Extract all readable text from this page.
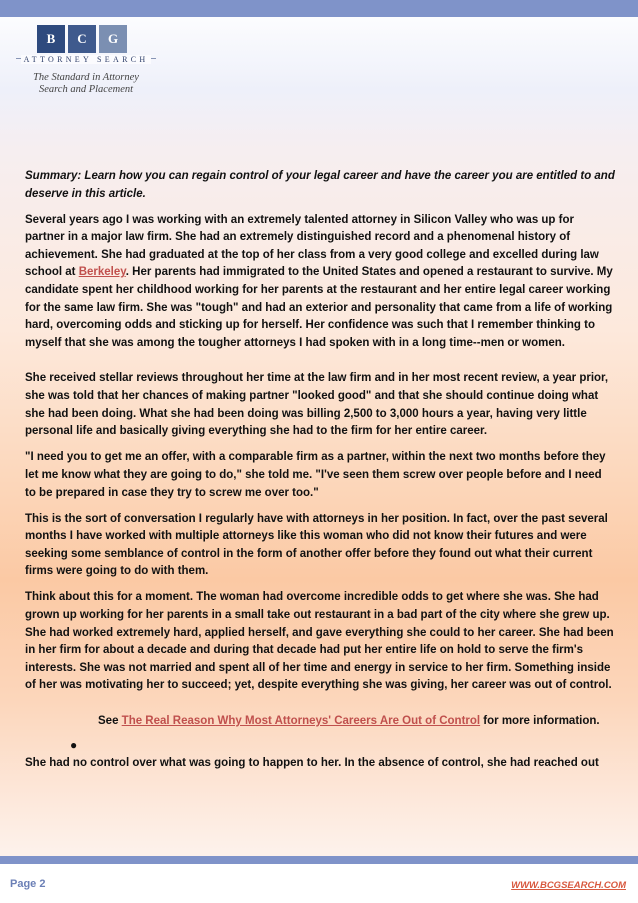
B	C	G
ATTORNEY SEARCH
The Standard in Attorney
Search and Placement

Summary: Learn how you can regain control of your legal career and have the career you are entitled to and deserve in this article.

Several years ago I was working with an extremely talented attorney in Silicon Valley who was up for partner in a major law firm. She had an extremely distinguished record and a phenomenal history of achievement. She had graduated at the top of her class from a very good college and excelled during law school at Berkeley. Her parents had immigrated to the United States and opened a restaurant to survive. My candidate spent her childhood working for her parents at the restaurant and her entire legal career working for the same law firm. She was "tough" and had an exterior and personality that came from a life of working hard, overcoming odds and sticking up for herself. Her confidence was such that I remember thinking to myself that she was among the tougher attorneys I had spoken with in a long time--men or women.

She received stellar reviews throughout her time at the law firm and in her most recent review, a year prior, she was told that her chances of making partner "looked good" and that she should continue doing what she had been doing. What she had been doing was billing 2,500 to 3,000 hours a year, having very little personal life and basically giving everything she had to the firm for her entire career.

"I need you to get me an offer, with a comparable firm as a partner, within the next two months before they let me know what they are going to do," she told me. "I've seen them screw over people before and I need to be prepared in case they try to screw me over too."

This is the sort of conversation I regularly have with attorneys in her position. In fact, over the past several months I have worked with multiple attorneys like this woman who did not know their futures and were seeking some semblance of control in the form of another offer before they found out what their current firms were going to do with them.

Think about this for a moment. The woman had overcome incredible odds to get where she was. She had grown up working for her parents in a small take out restaurant in a bad part of the city where she grew up. She had worked extremely hard, applied herself, and gave everything she could to her career. She had been in her firm for about a decade and during that decade had put her entire life on hold to serve the firm's interests. She was not married and spent all of her time and energy in service to her firm. Something inside of her was motivating her to succeed; yet, despite everything she was giving, her career was out of control.

See The Real Reason Why Most Attorneys' Careers Are Out of Control for more information.

●

She had no control over what was going to happen to her. In the absence of control, she had reached out

Page 2	WWW.BCGSEARCH.COM
